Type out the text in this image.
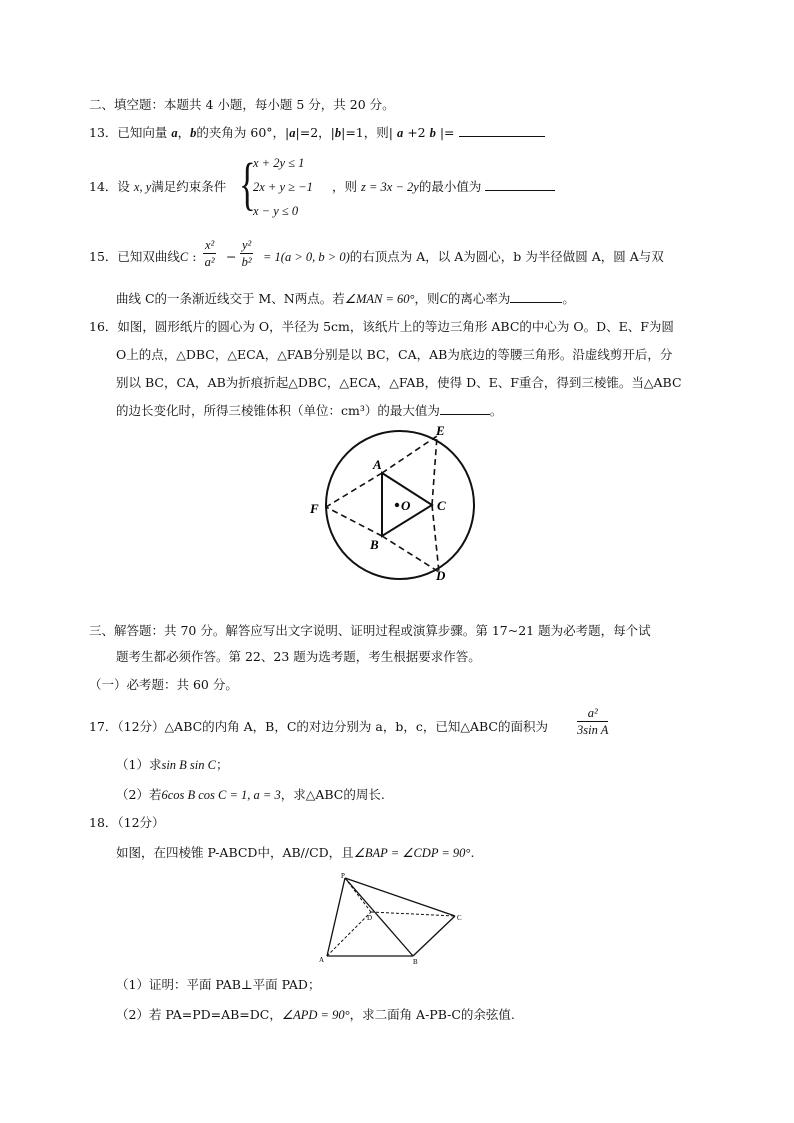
二、填空题：本题共 4 小题，每小题 5 分，共 20 分。
13．已知向量 a，b的夹角为 60°，|a|=2，|b|=1，则| a +2 b |=
14．设 x, y满足约束条件 {
x + 2y ≤ 1
2x + y ≥ −1
x − y ≤ 0
，则 z = 3x − 2y的最小值为
15．已知双曲线C : $\frac{\text{x²}}{\text{a²}} - \frac{\text{y²}}{\text{b²}} = 1(a > 0$, b > 0)的右顶点为 A，以 A为圆心，b 为半径做圆 A，圆 A与双
曲线 C的一条渐近线交于 M、N两点。若∠MAN = 60°，则C的离心率为	。
16．如图，圆形纸片的圆心为 O，半径为 5cm，该纸片上的等边三角形 ABC的中心为 O。D、E、F为圆
O上的点，△DBC，△ECA，△FAB分别是以 BC，CA，AB为底边的等腰三角形。沿虚线剪开后，分
别以 BC，CA，AB为折痕折起△DBC，△ECA，△FAB，使得 D、E、F重合，得到三棱锥。当△ABC
的边长变化时，所得三棱锥体积（单位：cm³）的最大值为	。
A
B
C
D
E
F	O
三、解答题：共 70 分。解答应写出文字说明、证明过程或演算步骤。第 17~21 题为必考题，每个试
题考生都必须作答。第 22、23 题为选考题，考生根据要求作答。
（一）必考题：共 60 分。
17．（12分）△ABC的内角 A，B，C的对边分别为 a，b，c，已知△ABC的面积为 $\frac{\text{a²}}{\text{3sin A}}$
（1）求sin B sin C；
（2）若6cos B cos C = 1, a = 3，求△ABC的周长.
18．（12分）
如图，在四棱锥 P-ABCD中，AB//CD，且∠BAP = ∠CDP = 90°.
P
A	B
C
D
（1）证明：平面 PAB⊥平面 PAD；
（2）若 PA=PD=AB=DC，∠APD = 90°，求二面角 A-PB-C的余弦值.
